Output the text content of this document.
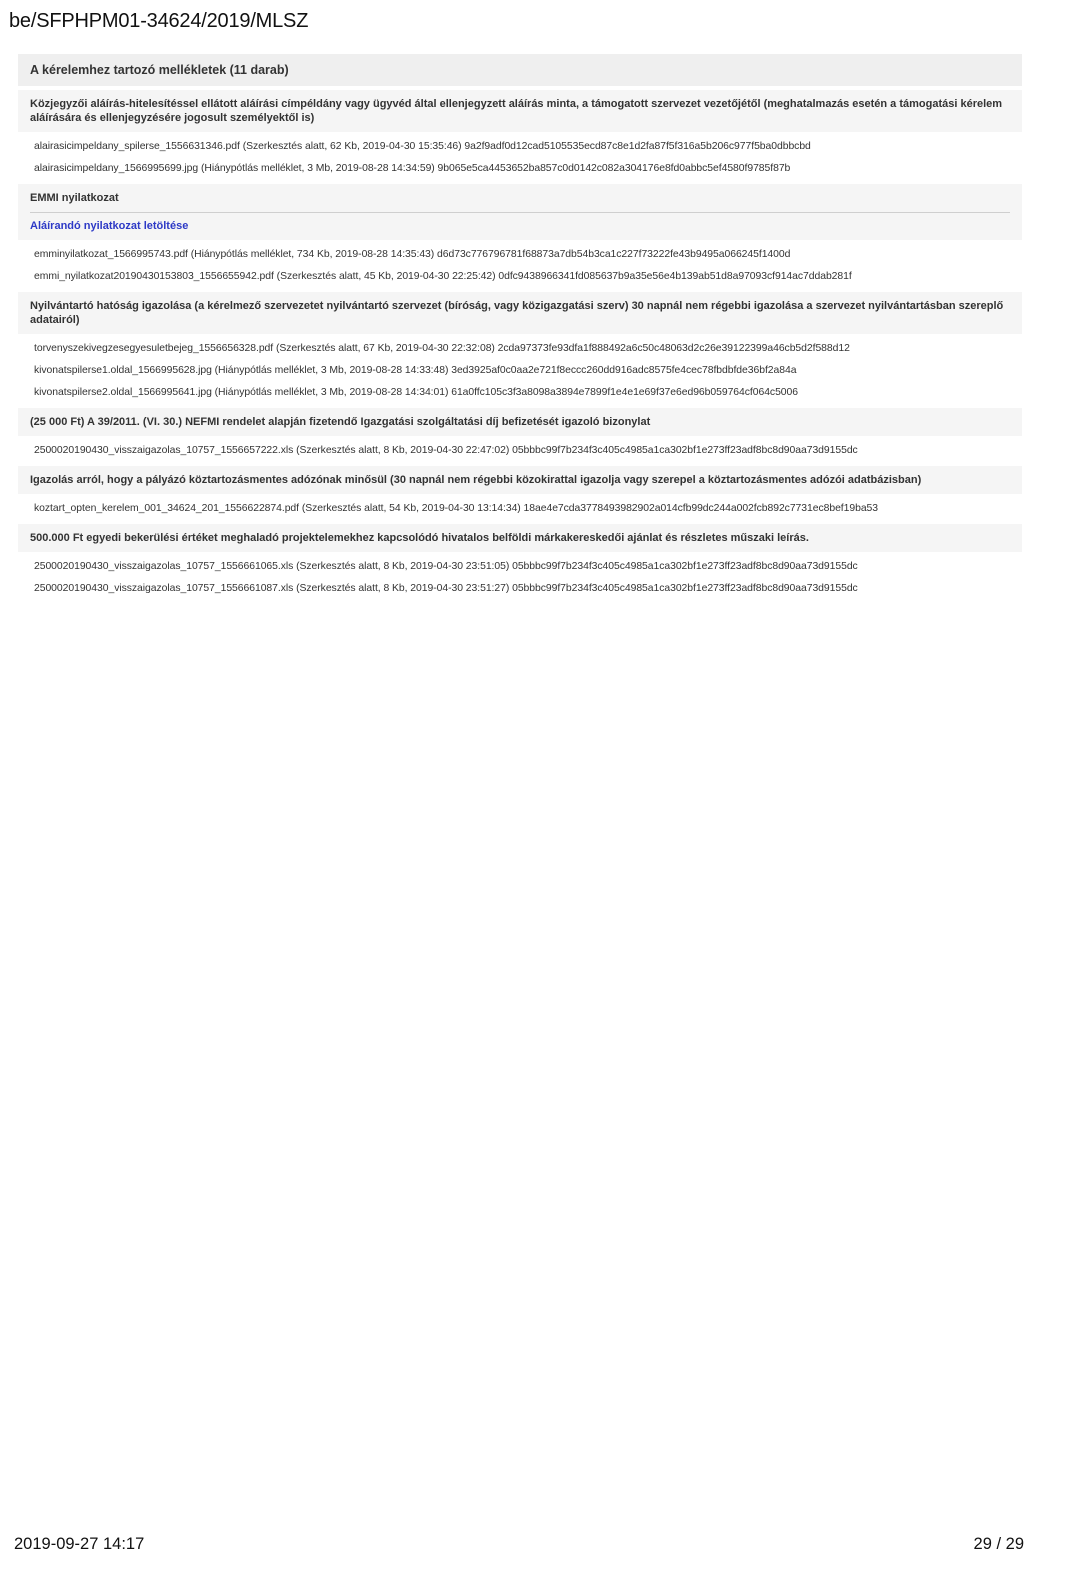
be/SFPHPM01-34624/2019/MLSZ
A kérelemhez tartozó mellékletek (11 darab)
Közjegyzői aláírás-hitelesítéssel ellátott aláírási címpéldány vagy ügyvéd által ellenjegyzett aláírás minta, a támogatott szervezet vezetőjétől (meghatalmazás esetén a támogatási kérelem aláírására és ellenjegyzésére jogosult személyektől is)
alairasicimpeldany_spilerse_1556631346.pdf (Szerkesztés alatt, 62 Kb, 2019-04-30 15:35:46) 9a2f9adf0d12cad5105535ecd87c8e1d2fa87f5f316a5b206c977f5ba0dbbcbd
alairasicimpeldany_1566995699.jpg (Hiánypótlás melléklet, 3 Mb, 2019-08-28 14:34:59) 9b065e5ca4453652ba857c0d0142c082a304176e8fd0abbc5ef4580f9785f87b
EMMI nyilatkozat
Aláírandó nyilatkozat letöltése
emminyilatkozat_1566995743.pdf (Hiánypótlás melléklet, 734 Kb, 2019-08-28 14:35:43) d6d73c776796781f68873a7db54b3ca1c227f73222fe43b9495a066245f1400d
emmi_nyilatkozat20190430153803_1556655942.pdf (Szerkesztés alatt, 45 Kb, 2019-04-30 22:25:42) 0dfc9438966341fd085637b9a35e56e4b139ab51d8a97093cf914ac7ddab281f
Nyilvántartó hatóság igazolása (a kérelmező szervezetet nyilvántartó szervezet (bíróság, vagy közigazgatási szerv) 30 napnál nem régebbi igazolása a szervezet nyilvántartásban szereplő adatairól)
torvenyszekivegzesegyesuletbejeg_1556656328.pdf (Szerkesztés alatt, 67 Kb, 2019-04-30 22:32:08) 2cda97373fe93dfa1f888492a6c50c48063d2c26e39122399a46cb5d2f588d12
kivonatspilerse1.oldal_1566995628.jpg (Hiánypótlás melléklet, 3 Mb, 2019-08-28 14:33:48) 3ed3925af0c0aa2e721f8eccc260dd916adc8575fe4cec78fbdbfde36bf2a84a
kivonatspilerse2.oldal_1566995641.jpg (Hiánypótlás melléklet, 3 Mb, 2019-08-28 14:34:01) 61a0ffc105c3f3a8098a3894e7899f1e4e1e69f37e6ed96b059764cf064c5006
(25 000 Ft) A 39/2011. (VI. 30.) NEFMI rendelet alapján fizetendő Igazgatási szolgáltatási díj befizetését igazoló bizonylat
2500020190430_visszaigazolas_10757_1556657222.xls (Szerkesztés alatt, 8 Kb, 2019-04-30 22:47:02) 05bbbc99f7b234f3c405c4985a1ca302bf1e273ff23adf8bc8d90aa73d9155dc
Igazolás arról, hogy a pályázó köztartozásmentes adózónak minősül (30 napnál nem régebbi közokirattal igazolja vagy szerepel a köztartozásmentes adózói adatbázisban)
koztart_opten_kerelem_001_34624_201_1556622874.pdf (Szerkesztés alatt, 54 Kb, 2019-04-30 13:14:34) 18ae4e7cda3778493982902a014cfb99dc244a002fcb892c7731ec8bef19ba53
500.000 Ft egyedi bekerülési értéket meghaladó projektelemekhez kapcsolódó hivatalos belföldi márkakereskedői ajánlat és részletes műszaki leírás.
2500020190430_visszaigazolas_10757_1556661065.xls (Szerkesztés alatt, 8 Kb, 2019-04-30 23:51:05) 05bbbc99f7b234f3c405c4985a1ca302bf1e273ff23adf8bc8d90aa73d9155dc
2500020190430_visszaigazolas_10757_1556661087.xls (Szerkesztés alatt, 8 Kb, 2019-04-30 23:51:27) 05bbbc99f7b234f3c405c4985a1ca302bf1e273ff23adf8bc8d90aa73d9155dc
2019-09-27 14:17	29 / 29
